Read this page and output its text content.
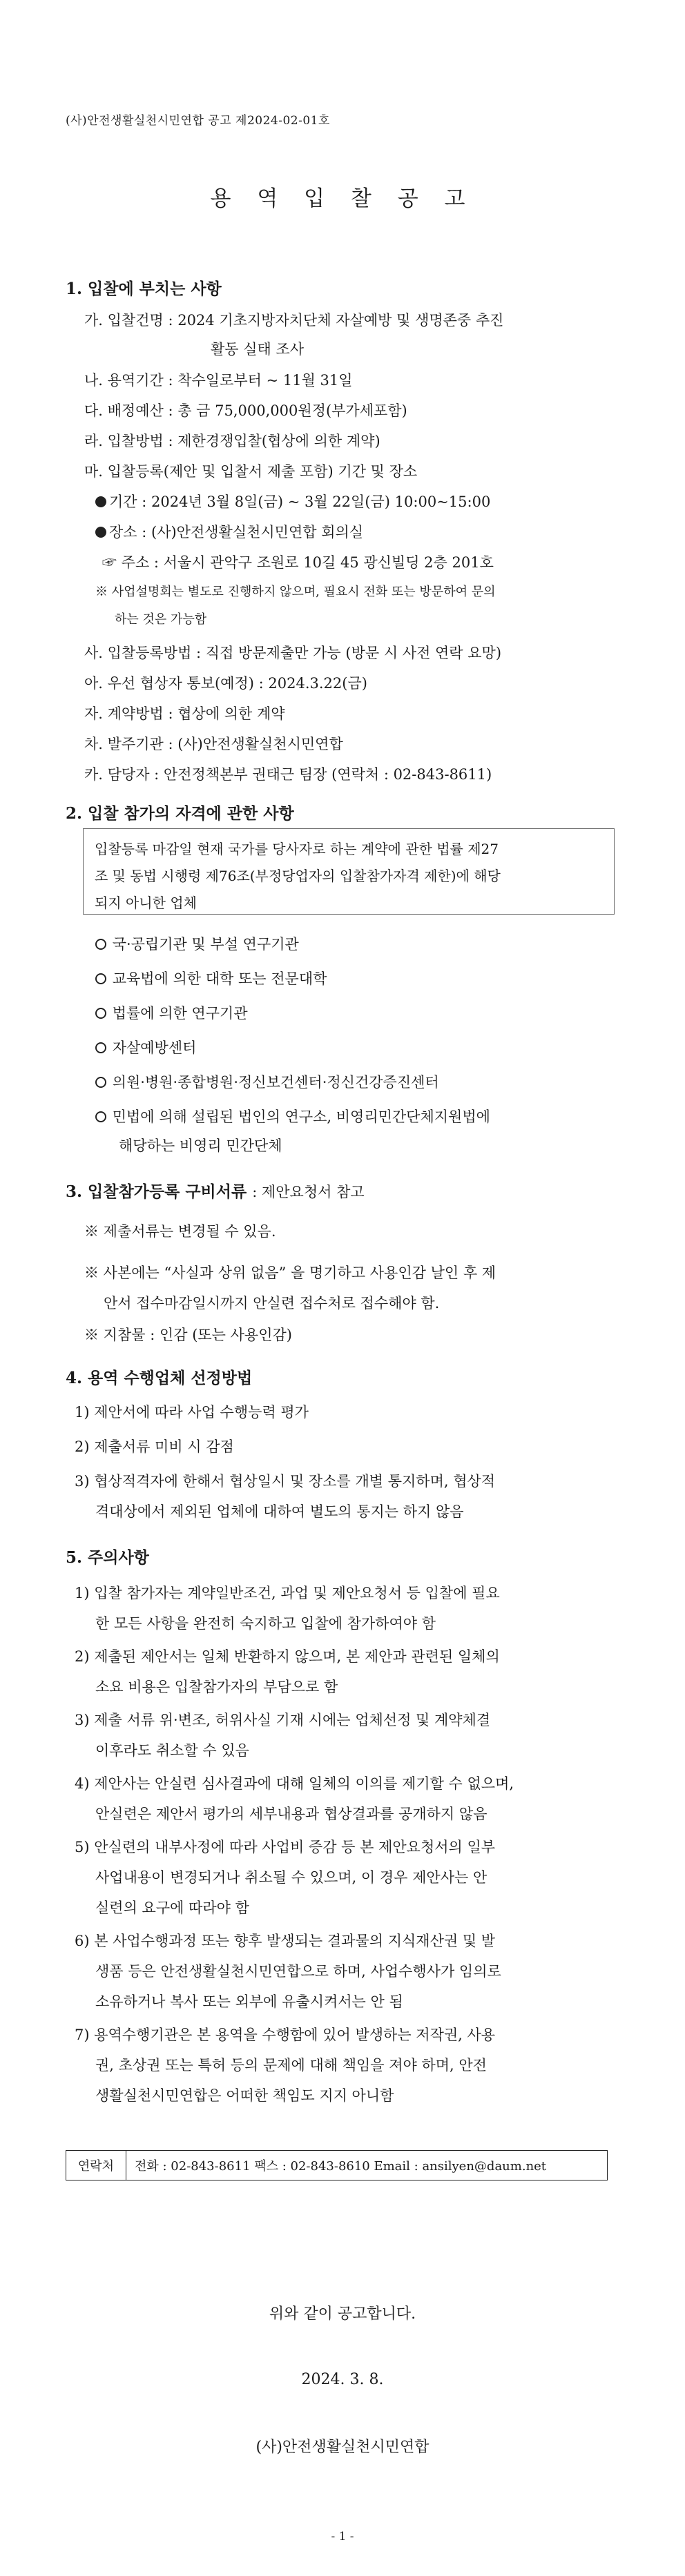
(사)안전생활실천시민연합 공고 제2024-02-01호
용 역 입 찰 공 고
1. 입찰에 부치는 사항
가. 입찰건명 : 2024 기초지방자치단체 자살예방 및 생명존중 추진
활동 실태 조사
나. 용역기간 : 착수일로부터 ~ 11월 31일
다. 배정예산 : 총 금 75,000,000원정(부가세포함)
라. 입찰방법 : 제한경쟁입찰(협상에 의한 계약)
마. 입찰등록(제안 및 입찰서 제출 포함) 기간 및 장소
기간 : 2024년 3월 8일(금) ~ 3월 22일(금) 10:00~15:00
장소 : (사)안전생활실천시민연합 회의실
☞ 주소 : 서울시 관악구 조원로 10길 45 광신빌딩 2층 201호
※ 사업설명회는 별도로 진행하지 않으며, 필요시 전화 또는 방문하여 문의
하는 것은 가능함
사. 입찰등록방법 : 직접 방문제출만 가능 (방문 시 사전 연락 요망)
아. 우선 협상자 통보(예정) : 2024.3.22(금)
자. 계약방법 : 협상에 의한 계약
차. 발주기관 : (사)안전생활실천시민연합
카. 담당자 : 안전정책본부 권태근 팀장 (연락처 : 02-843-8611)
2. 입찰 참가의 자격에 관한 사항
입찰등록 마감일 현재 국가를 당사자로 하는 계약에 관한 법률 제27
조 및 동법 시행령 제76조(부정당업자의 입찰참가자격 제한)에 해당
되지 아니한 업체
국·공립기관 및 부설 연구기관
교육법에 의한 대학 또는 전문대학
법률에 의한 연구기관
자살예방센터
의원·병원·종합병원·정신보건센터·정신건강증진센터
민법에 의해 설립된 법인의 연구소, 비영리민간단체지원법에
해당하는 비영리 민간단체
3. 입찰참가등록 구비서류 : 제안요청서 참고
※ 제출서류는 변경될 수 있음.
※ 사본에는 “사실과 상위 없음” 을 명기하고 사용인감 날인 후 제
안서 접수마감일시까지 안실련 접수처로 접수해야 함.
※ 지참물 : 인감 (또는 사용인감)
4. 용역 수행업체 선정방법
1) 제안서에 따라 사업 수행능력 평가
2) 제출서류 미비 시 감점
3) 협상적격자에 한해서 협상일시 및 장소를 개별 통지하며, 협상적
격대상에서 제외된 업체에 대하여 별도의 통지는 하지 않음
5. 주의사항
1) 입찰 참가자는 계약일반조건, 과업 및 제안요청서 등 입찰에 필요
한 모든 사항을 완전히 숙지하고 입찰에 참가하여야 함
2) 제출된 제안서는 일체 반환하지 않으며, 본 제안과 관련된 일체의
소요 비용은 입찰참가자의 부담으로 함
3) 제출 서류 위·변조, 허위사실 기재 시에는 업체선정 및 계약체결
이후라도 취소할 수 있음
4) 제안사는 안실련 심사결과에 대해 일체의 이의를 제기할 수 없으며,
안실련은 제안서 평가의 세부내용과 협상결과를 공개하지 않음
5) 안실련의 내부사정에 따라 사업비 증감 등 본 제안요청서의 일부
사업내용이 변경되거나 취소될 수 있으며, 이 경우 제안사는 안
실련의 요구에 따라야 함
6) 본 사업수행과정 또는 향후 발생되는 결과물의 지식재산권 및 발
생품 등은 안전생활실천시민연합으로 하며, 사업수행사가 임의로
소유하거나 복사 또는 외부에 유출시켜서는 안 됨
7) 용역수행기관은 본 용역을 수행함에 있어 발생하는 저작권, 사용
권, 초상권 또는 특허 등의 문제에 대해 책임을 져야 하며, 안전
생활실천시민연합은 어떠한 책임도 지지 아니함
연락처	전화 : 02-843-8611 팩스 : 02-843-8610 Email : ansilyen@daum.net
위와 같이 공고합니다.
2024. 3. 8.
(사)안전생활실천시민연합
- 1 -
